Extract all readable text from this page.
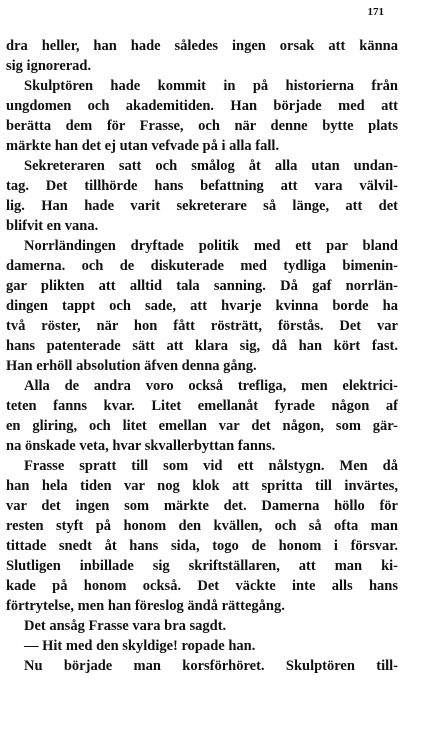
171
dra heller, han hade således ingen orsak att känna
sig ignorerad.
Skulptören hade kommit in på historierna från
ungdomen och akademitiden. Han började med att
berätta dem för Frasse, och när denne bytte plats
märkte han det ej utan vefvade på i alla fall.
Sekreteraren satt och smålog åt alla utan undan-
tag. Det tillhörde hans befattning att vara välvil-
lig. Han hade varit sekreterare så länge, att det
blifvit en vana.
Norrländingen dryftade politik med ett par bland
damerna. och de diskuterade med tydliga bimenin-
gar plikten att alltid tala sanning. Då gaf norrlän-
dingen tappt och sade, att hvarje kvinna borde ha
två röster, när hon fått rösträtt, förstås. Det var
hans patenterade sätt att klara sig, då han kört fast.
Han erhöll absolution äfven denna gång.
Alla de andra voro också trefliga, men elektrici-
teten fanns kvar. Litet emellanåt fyrade någon af
en gliring, och litet emellan var det någon, som gär-
na önskade veta, hvar skvallerbyttan fanns.
Frasse spratt till som vid ett nålstygn. Men då
han hela tiden var nog klok att spritta till invärtes,
var det ingen som märkte det. Damerna höllo för
resten styft på honom den kvällen, och så ofta man
tittade snedt åt hans sida, togo de honom i försvar.
Slutligen inbillade sig skriftställaren, att man ki-
kade på honom också. Det väckte inte alls hans
förtrytelse, men han föreslog ändå rättegång.
Det ansåg Frasse vara bra sagdt.
— Hit med den skyldige! ropade han.
Nu började man korsförhöret. Skulptören till-
